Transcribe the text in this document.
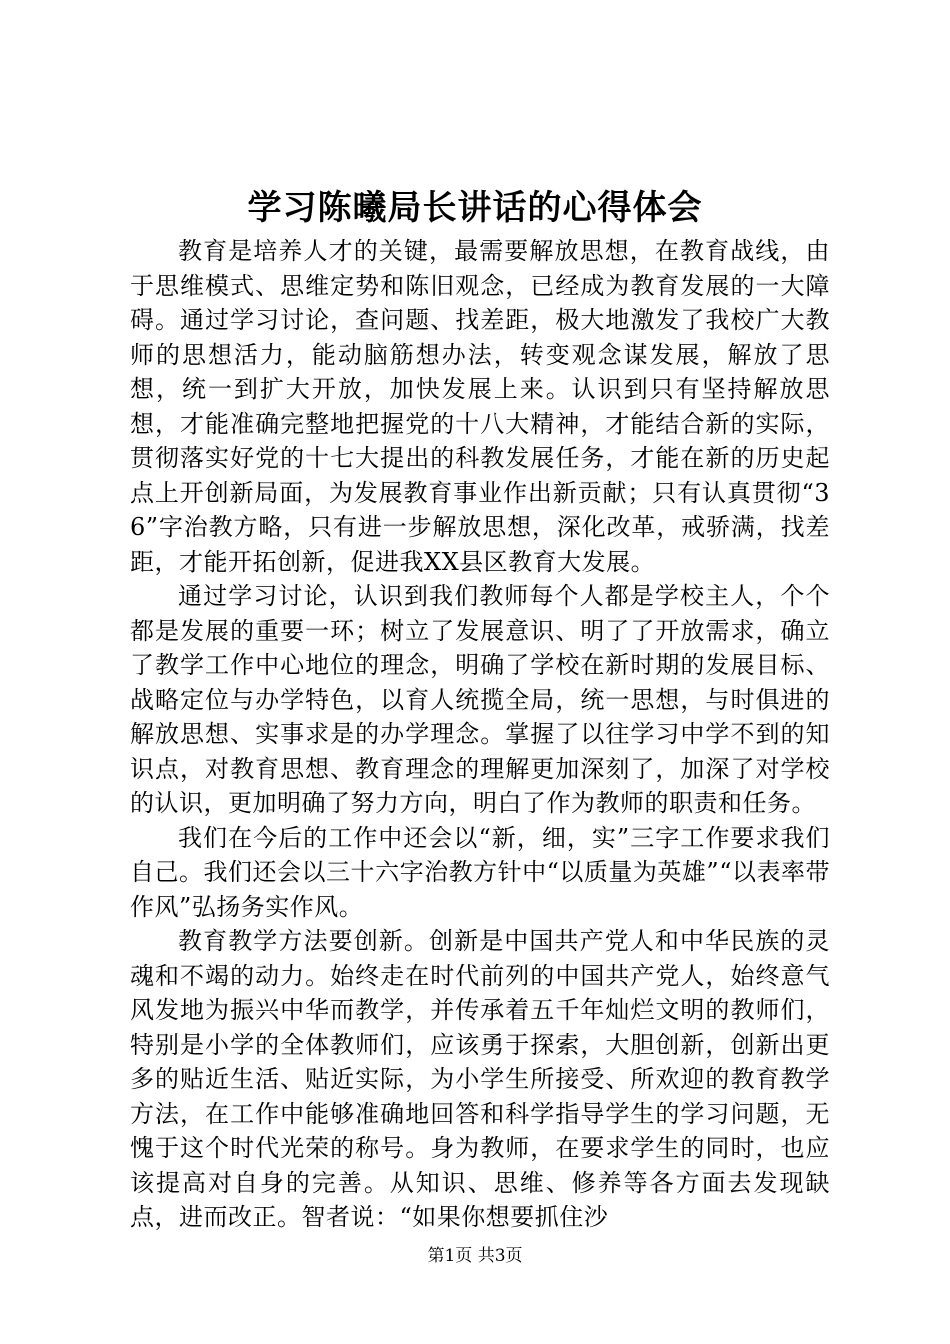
学习陈曦局长讲话的心得体会

教育是培养人才的关键，最需要解放思想，在教育战线，由于思维模式、思维定势和陈旧观念，已经成为教育发展的一大障碍。通过学习讨论，查问题、找差距，极大地激发了我校广大教师的思想活力，能动脑筋想办法，转变观念谋发展，解放了思想，统一到扩大开放，加快发展上来。认识到只有坚持解放思想，才能准确完整地把握党的十八大精神，才能结合新的实际，贯彻落实好党的十七大提出的科教发展任务，才能在新的历史起点上开创新局面，为发展教育事业作出新贡献；只有认真贯彻“36”字治教方略，只有进一步解放思想，深化改革，戒骄满，找差距，才能开拓创新，促进我XX县区教育大发展。

通过学习讨论，认识到我们教师每个人都是学校主人，个个都是发展的重要一环；树立了发展意识、明了了开放需求，确立了教学工作中心地位的理念，明确了学校在新时期的发展目标、战略定位与办学特色，以育人统揽全局，统一思想，与时俱进的解放思想、实事求是的办学理念。掌握了以往学习中学不到的知识点，对教育思想、教育理念的理解更加深刻了，加深了对学校的认识，更加明确了努力方向，明白了作为教师的职责和任务。

我们在今后的工作中还会以“新，细，实”三字工作要求我们自己。我们还会以三十六字治教方针中“以质量为英雄”“以表率带作风”弘扬务实作风。

教育教学方法要创新。创新是中国共产党人和中华民族的灵魂和不竭的动力。始终走在时代前列的中国共产党人，始终意气风发地为振兴中华而教学，并传承着五千年灿烂文明的教师们，特别是小学的全体教师们，应该勇于探索，大胆创新，创新出更多的贴近生活、贴近实际，为小学生所接受、所欢迎的教育教学方法，在工作中能够准确地回答和科学指导学生的学习问题，无愧于这个时代光荣的称号。身为教师，在要求学生的同时，也应该提高对自身的完善。从知识、思维、修养等各方面去发现缺点，进而改正。智者说：“如果你想要抓住沙

第1页 共3页
